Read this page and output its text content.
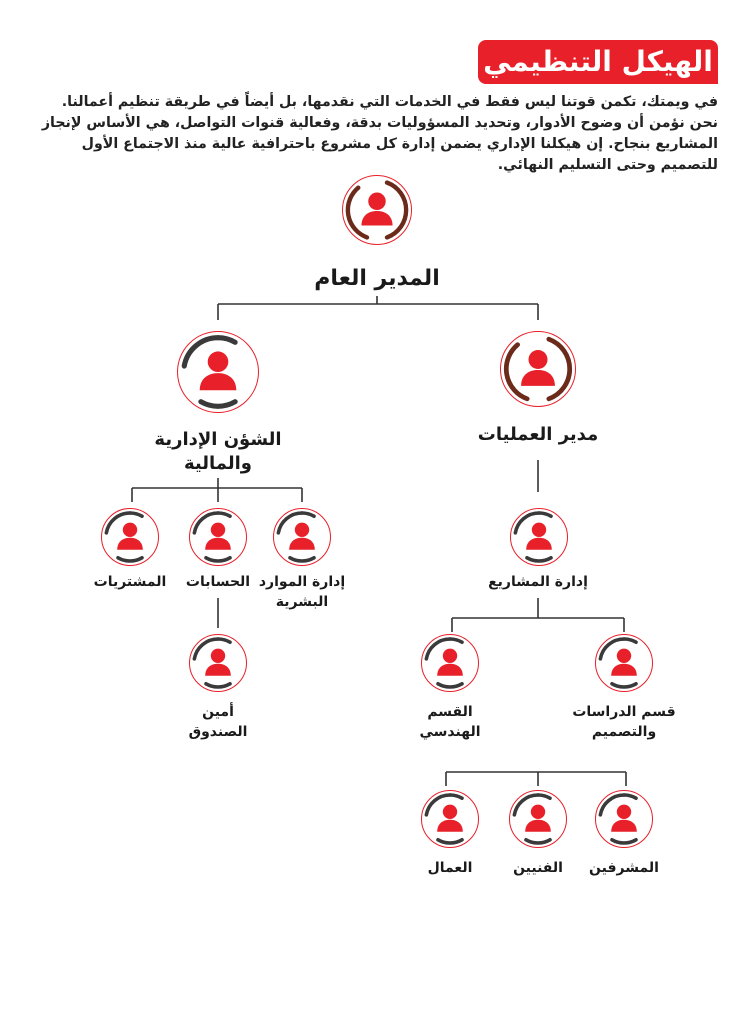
الهيكل التنظيمي
في ويمتك، تكمن قوتنا ليس فقط في الخدمات التي نقدمها، بل أيضاً في طريقة تنظيم أعمالنا. نحن نؤمن أن وضوح الأدوار، وتحديد المسؤوليات بدقة، وفعالية قنوات التواصل، هي الأساس لإنجاز المشاريع بنجاح. إن هيكلنا الإداري يضمن إدارة كل مشروع باحترافية عالية منذ الاجتماع الأول للتصميم وحتى التسليم النهائي.
المدير العام
مدير العمليات
الشؤن الإدارية
والمالية
إدارة المشاريع
إدارة الموارد
البشرية
الحسابات
المشتريات
أمين
الصندوق
قسم الدراسات
والتصميم
القسم
الهندسي
المشرفين
الفنيين
العمال
